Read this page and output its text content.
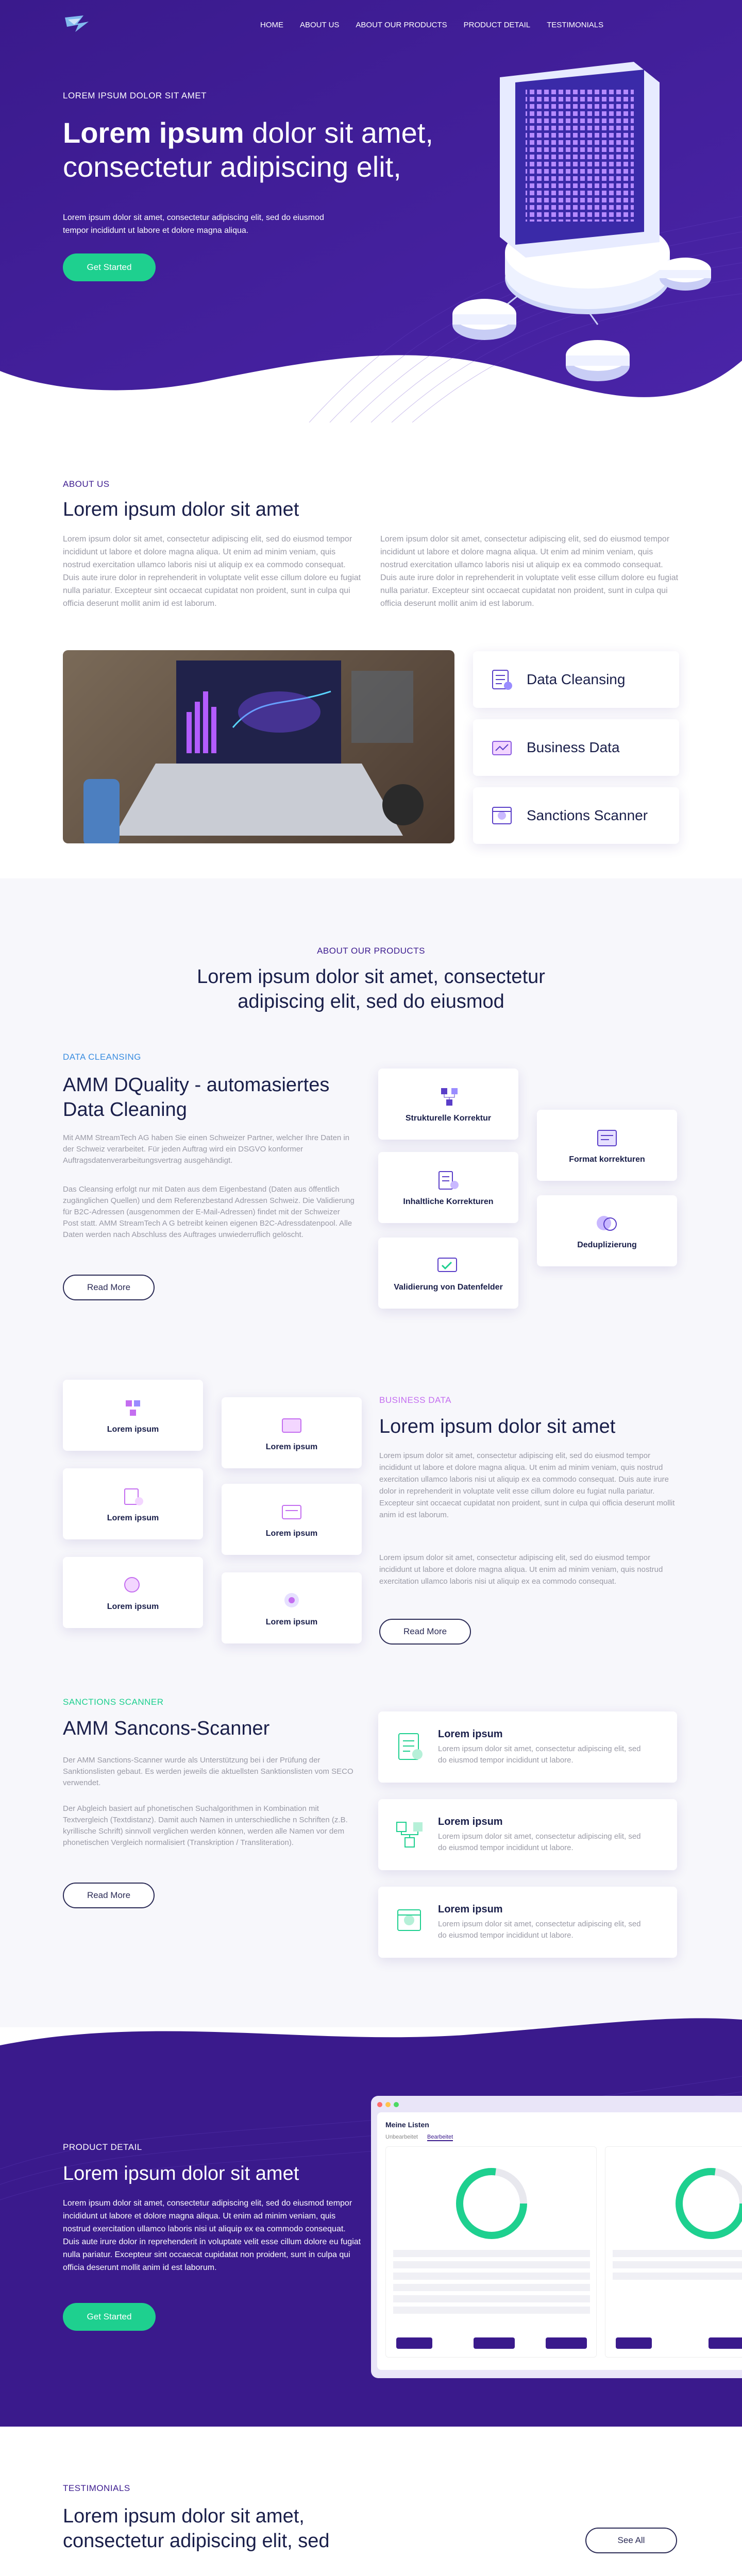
HOME ABOUT US ABOUT OUR PRODUCTS PRODUCT DETAIL TESTIMONIALS
LOREM IPSUM DOLOR SIT AMET
Lorem ipsum dolor sit amet,
consectetur adipiscing elit,
Lorem ipsum dolor sit amet, consectetur adipiscing elit, sed do eiusmod tempor incididunt ut labore et dolore magna aliqua.
Get Started
ABOUT US
Lorem ipsum dolor sit amet

Lorem ipsum dolor sit amet, consectetur adipiscing elit, sed do eiusmod tempor incididunt ut labore et dolore magna aliqua. Ut enim ad minim veniam, quis nostrud exercitation ullamco laboris nisi ut aliquip ex ea commodo consequat. Duis aute irure dolor in reprehenderit in voluptate velit esse cillum dolore eu fugiat nulla pariatur. Excepteur sint occaecat cupidatat non proident, sunt in culpa qui officia deserunt mollit anim id est laborum.

Lorem ipsum dolor sit amet, consectetur adipiscing elit, sed do eiusmod tempor incididunt ut labore et dolore magna aliqua. Ut enim ad minim veniam, quis nostrud exercitation ullamco laboris nisi ut aliquip ex ea commodo consequat. Duis aute irure dolor in reprehenderit in voluptate velit esse cillum dolore eu fugiat nulla pariatur. Excepteur sint occaecat cupidatat non proident, sunt in culpa qui officia deserunt mollit anim id est laborum.

Data Cleansing
Business Data
Sanctions Scanner
ABOUT OUR PRODUCTS
Lorem ipsum dolor sit amet, consectetur
adipiscing elit, sed do eiusmod
DATA CLEANSING
AMM DQuality - automasiertes
Data Cleaning

Mit AMM StreamTech AG haben Sie einen Schweizer Partner, welcher Ihre Daten in der Schweiz verarbeitet. Für jeden Auftrag wird ein DSGVO konformer Auftragsdatenverarbeitungsvertrag ausgehändigt.

Das Cleansing erfolgt nur mit Daten aus dem Eigenbestand (Daten aus öffentlich zugänglichen Quellen) und dem Referenzbestand Adressen Schweiz. Die Validierung für B2C-Adressen (ausgenommen der E-Mail-Adressen) findet mit der Schweizer Post statt. AMM StreamTech A G betreibt keinen eigenen B2C-Adressdatenpool. Alle Daten werden nach Abschluss des Auftrages unwiederruflich gelöscht.

Read More
Strukturelle Korrektur
Inhaltliche Korrekturen
Validierung von Datenfelder
Format korrekturen
Deduplizierung
Lorem ipsum
Lorem ipsum
Lorem ipsum
Lorem ipsum
Lorem ipsum
Lorem ipsum
BUSINESS DATA
Lorem ipsum dolor sit amet

Lorem ipsum dolor sit amet, consectetur adipiscing elit, sed do eiusmod tempor incididunt ut labore et dolore magna aliqua. Ut enim ad minim veniam, quis nostrud exercitation ullamco laboris nisi ut aliquip ex ea commodo consequat. Duis aute irure dolor in reprehenderit in voluptate velit esse cillum dolore eu fugiat nulla pariatur. Excepteur sint occaecat cupidatat non proident, sunt in culpa qui officia deserunt mollit anim id est laborum.

Lorem ipsum dolor sit amet, consectetur adipiscing elit, sed do eiusmod tempor incididunt ut labore et dolore magna aliqua. Ut enim ad minim veniam, quis nostrud exercitation ullamco laboris nisi ut aliquip ex ea commodo consequat.

Read More
SANCTIONS SCANNER
AMM Sancons-Scanner

Der AMM Sanctions-Scanner wurde als Unterstützung bei i der Prüfung der Sanktionslisten gebaut. Es werden jeweils die aktuellsten Sanktionslisten vom SECO verwendet.

Der Abgleich basiert auf phonetischen Suchalgorithmen in Kombination mit Textvergleich (Textdistanz). Damit auch Namen in unterschiedliche n Schriften (z.B. kyrillische Schrift) sinnvoll verglichen werden können, werden alle Namen vor dem phonetischen Vergleich normalisiert (Transkription / Transliteration).

Read More
Lorem ipsum
Lorem ipsum dolor sit amet, consectetur adipiscing elit, sed do eiusmod tempor incididunt ut labore.
Lorem ipsum
Lorem ipsum dolor sit amet, consectetur adipiscing elit, sed do eiusmod tempor incididunt ut labore.
Lorem ipsum
Lorem ipsum dolor sit amet, consectetur adipiscing elit, sed do eiusmod tempor incididunt ut labore.
PRODUCT DETAIL
Lorem ipsum dolor sit amet

Lorem ipsum dolor sit amet, consectetur adipiscing elit, sed do eiusmod tempor incididunt ut labore et dolore magna aliqua. Ut enim ad minim veniam, quis nostrud exercitation ullamco laboris nisi ut aliquip ex ea commodo consequat. Duis aute irure dolor in reprehenderit in voluptate velit esse cillum dolore eu fugiat nulla pariatur. Excepteur sint occaecat cupidatat non proident, sunt in culpa qui officia deserunt mollit anim id est laborum.

Get Started
Meine Listen
Unbearbeitet Bearbeitet
TESTIMONIALS
Lorem ipsum dolor sit amet,
consectetur adipiscing elit, sed	See All
